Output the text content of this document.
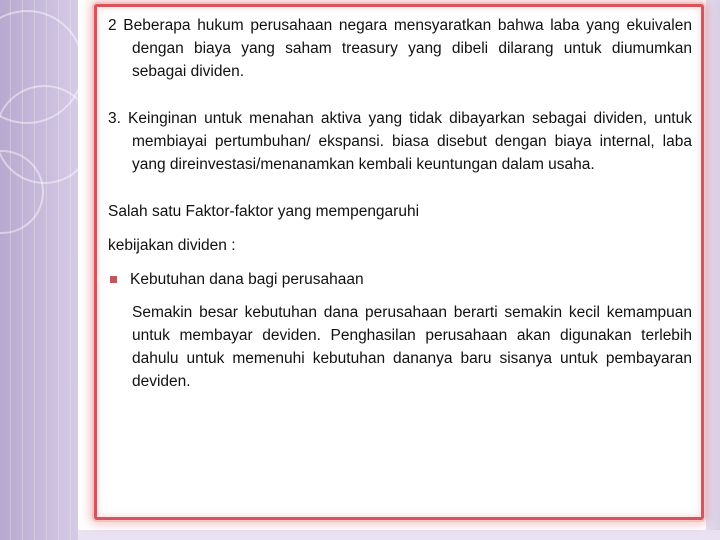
2 Beberapa hukum perusahaan negara mensyaratkan bahwa laba yang ekuivalen dengan biaya yang saham treasury yang dibeli dilarang untuk diumumkan sebagai dividen.

3. Keinginan untuk menahan aktiva yang tidak dibayarkan sebagai dividen, untuk membiayai pertumbuhan/ ekspansi. biasa disebut dengan biaya internal, laba yang direinvestasi/menanamkan kembali keuntungan dalam usaha.

Salah satu Faktor-faktor yang mempengaruhi

kebijakan dividen :

Kebutuhan dana bagi perusahaan

Semakin besar kebutuhan dana perusahaan berarti semakin kecil kemampuan untuk membayar deviden. Penghasilan perusahaan akan digunakan terlebih dahulu untuk memenuhi kebutuhan dananya baru sisanya untuk pembayaran deviden.
